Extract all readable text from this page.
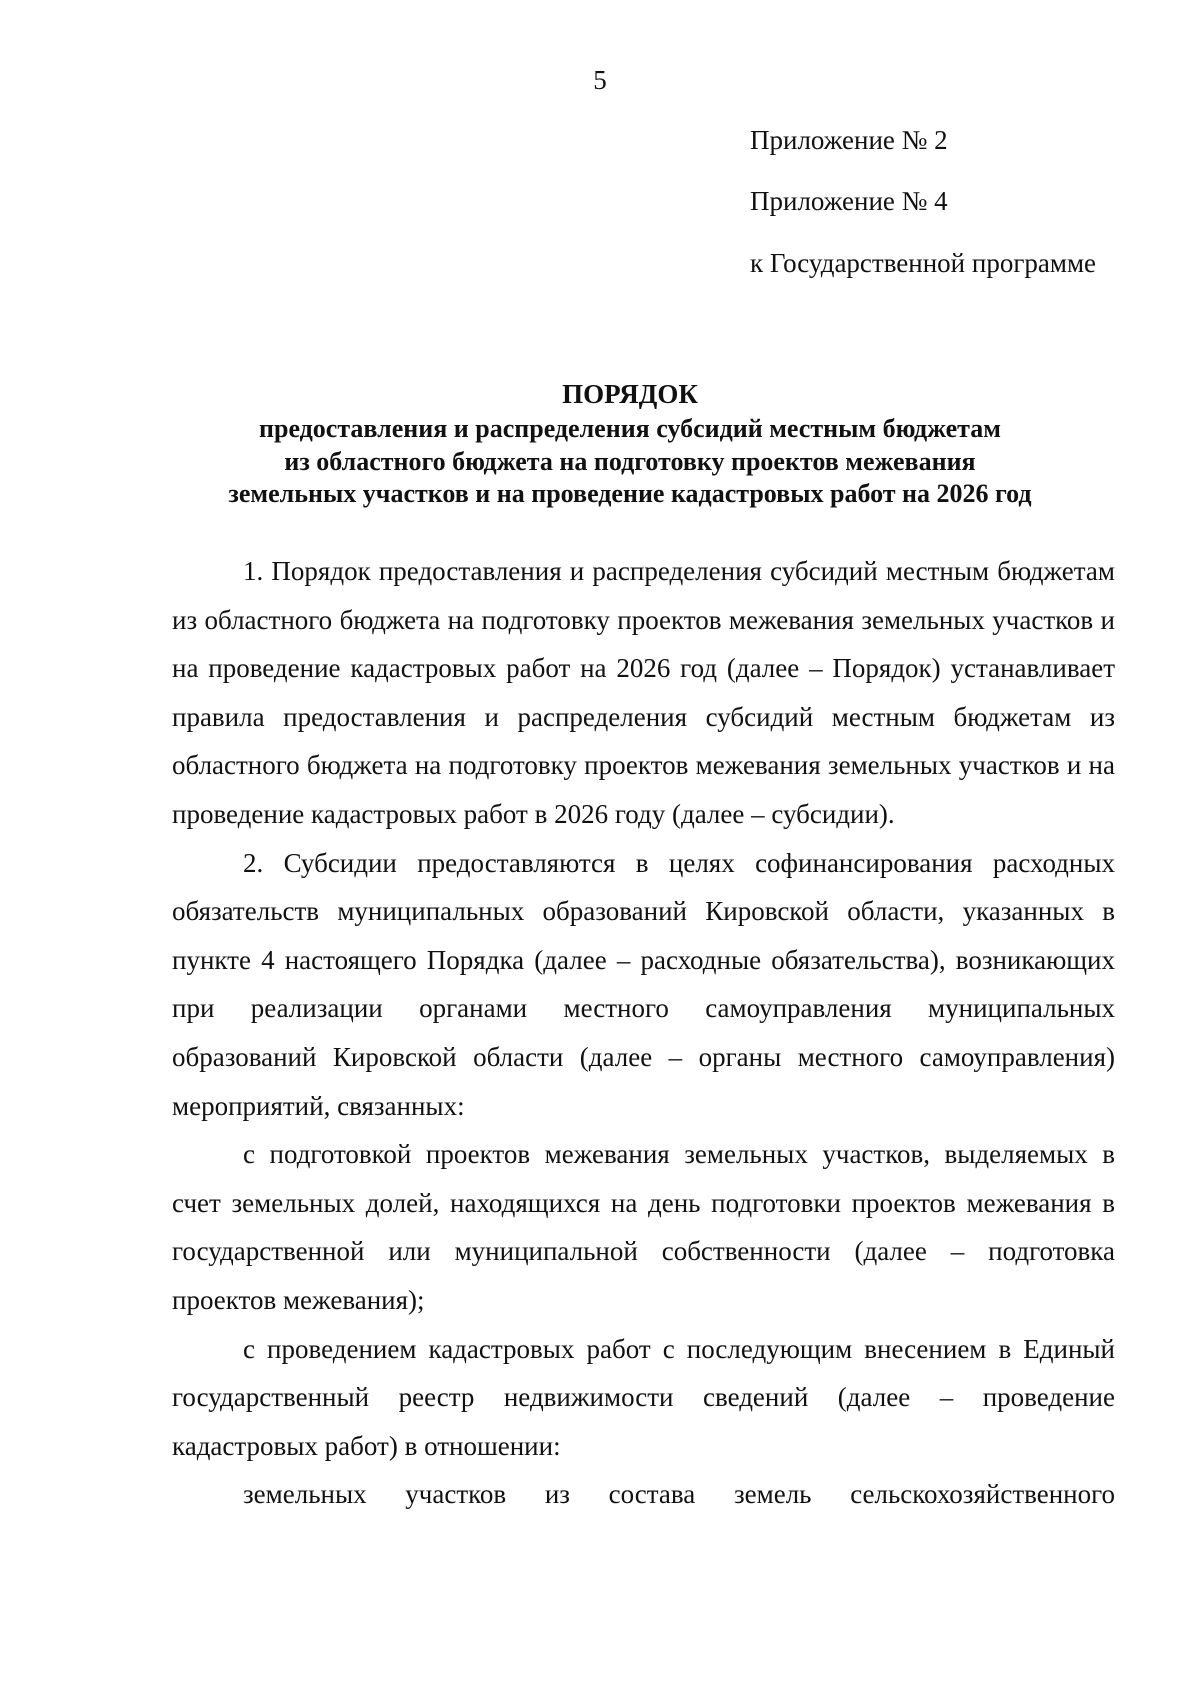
5
Приложение № 2
Приложение № 4
к Государственной программе
ПОРЯДОК
предоставления и распределения субсидий местным бюджетам
из областного бюджета на подготовку проектов межевания
земельных участков и на проведение кадастровых работ на 2026 год

1. Порядок предоставления и распределения субсидий местным бюджетам из областного бюджета на подготовку проектов межевания земельных участков и на проведение кадастровых работ на 2026 год (далее – Порядок) устанавливает правила предоставления и распределения субсидий местным бюджетам из областного бюджета на подготовку проектов межевания земельных участков и на проведение кадастровых работ в 2026 году (далее – субсидии).

2. Субсидии предоставляются в целях софинансирования расходных обязательств муниципальных образований Кировской области, указанных в пункте 4 настоящего Порядка (далее – расходные обязательства), возникающих при реализации органами местного самоуправления муниципальных образований Кировской области (далее – органы местного самоуправления) мероприятий, связанных:

с подготовкой проектов межевания земельных участков, выделяемых в счет земельных долей, находящихся на день подготовки проектов межевания в государственной или муниципальной собственности (далее – подготовка проектов межевания);

с проведением кадастровых работ с последующим внесением в Единый государственный реестр недвижимости сведений (далее – проведение кадастровых работ) в отношении:

земельных участков из состава земель сельскохозяйственного
